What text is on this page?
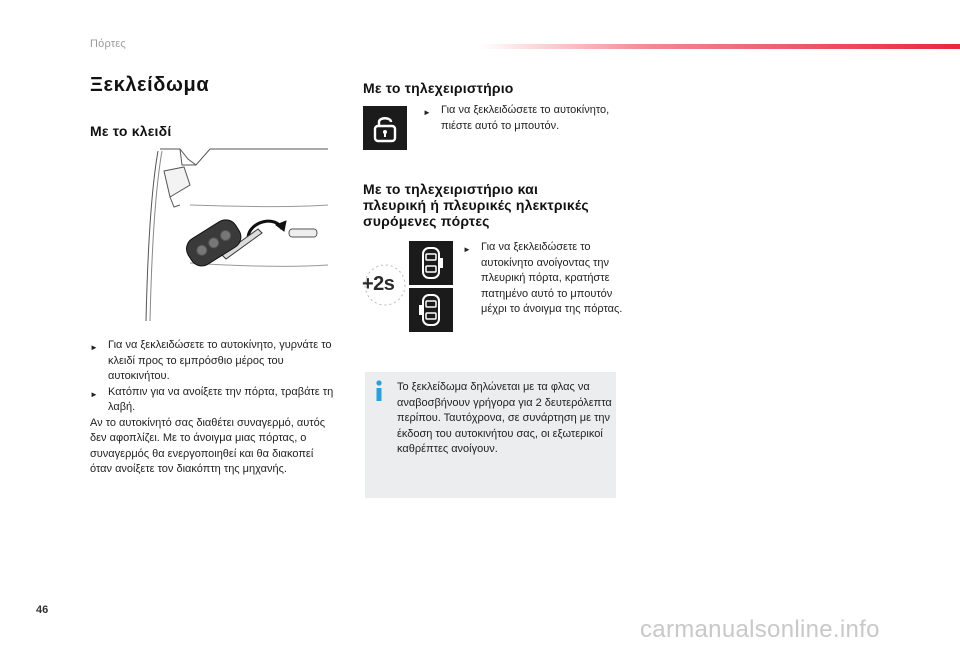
Πόρτες
Ξεκλείδωμα
Με το κλειδί
► Για να ξεκλειδώσετε το αυτοκίνητο, γυρνάτε το κλειδί προς το εμπρόσθιο μέρος του αυτοκινήτου.
► Κατόπιν για να ανοίξετε την πόρτα, τραβάτε τη λαβή.
Αν το αυτοκίνητό σας διαθέτει συναγερμό, αυτός δεν αφοπλίζει. Με το άνοιγμα μιας πόρτας, ο συναγερμός θα ενεργοποιηθεί και θα διακοπεί όταν ανοίξετε τον διακόπτη της μηχανής.
Με το τηλεχειριστήριο
► Για να ξεκλειδώσετε το αυτοκίνητο, πιέστε αυτό το μπουτόν.
Με το τηλεχειριστήριο και
πλευρική ή πλευρικές ηλεκτρικές
συρόμενες πόρτες
+2s
► Για να ξεκλειδώσετε το αυτοκίνητο ανοίγοντας την πλευρική πόρτα, κρατήστε πατημένο αυτό το μπουτόν μέχρι το άνοιγμα της πόρτας.
Το ξεκλείδωμα δηλώνεται με τα φλας να αναβοσβήνουν γρήγορα για 2 δευτερόλεπτα περίπου. Ταυτόχρονα, σε συνάρτηση με την έκδοση του αυτοκινήτου σας, οι εξωτερικοί καθρέπτες ανοίγουν.
46
carmanualsonline.info
